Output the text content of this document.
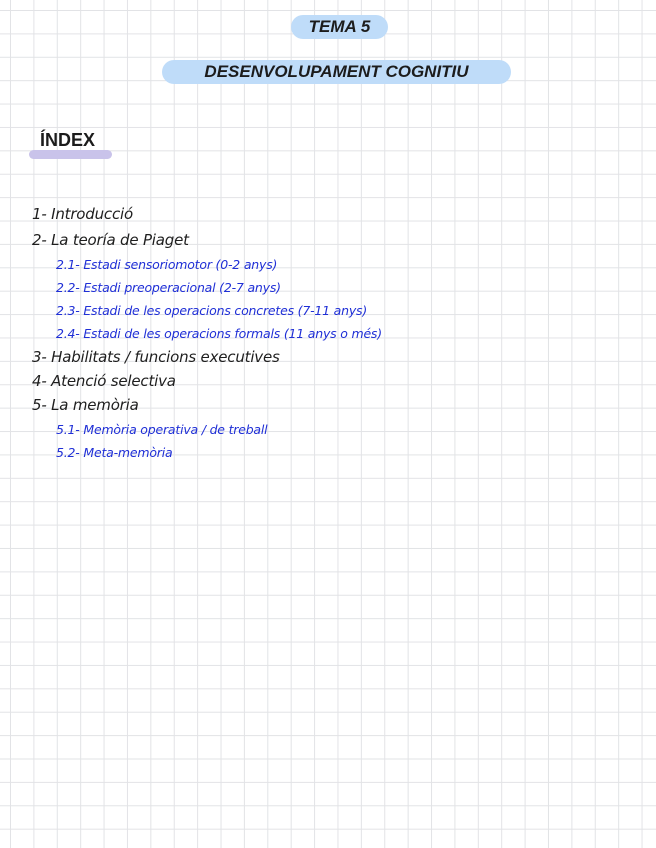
TEMA 5
DESENVOLUPAMENT COGNITIU
ÍNDEX
1- Introducció
2- La teoría de Piaget
2.1- Estadi sensoriomotor (0-2 anys)
2.2- Estadi preoperacional (2-7 anys)
2.3- Estadi de les operacions concretes (7-11 anys)
2.4- Estadi de les operacions formals (11 anys o més)
3- Habilitats / funcions executives
4- Atenció selectiva
5- La memòria
5.1- Memòria operativa / de treball
5.2- Meta-memòria
